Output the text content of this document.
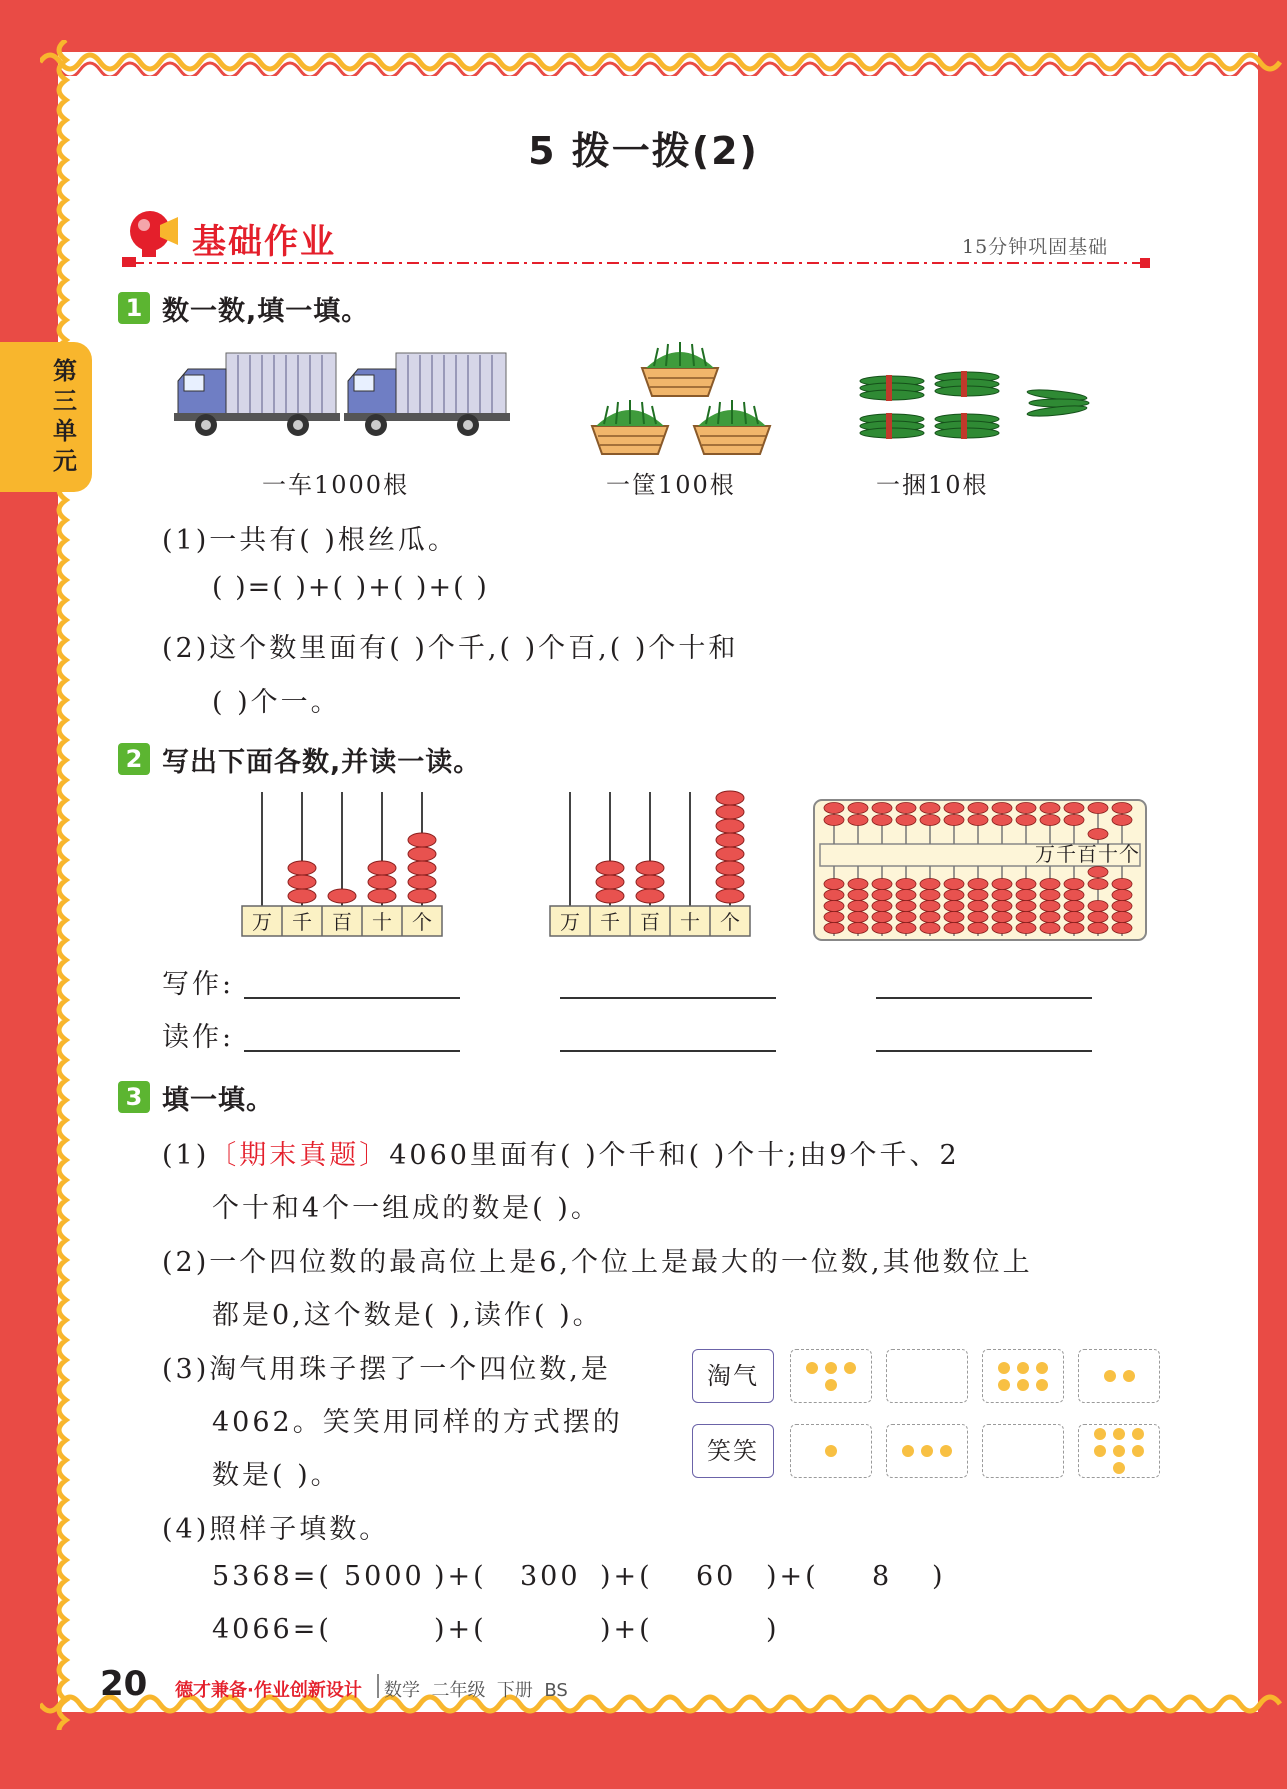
第三单元
5 拨一拨(2)
基础作业	15分钟巩固基础
1 数一数,填一填。
一车1000根	一筐100根	一捆10根
(1)一共有( )根丝瓜。
( )=( )+( )+( )+( )
(2)这个数里面有( )个千,( )个百,( )个十和
( )个一。
2 写出下面各数,并读一读。
万 千 百 十 个	万 千 百 十 个
万千百十个
写作:
读作:
3 填一填。
(1)〔期末真题〕4060里面有( )个千和( )个十;由9个千、2
个十和4个一组成的数是( )。
(2)一个四位数的最高位上是6,个位上是最大的一位数,其他数位上
都是0,这个数是( ),读作( )。
(3)淘气用珠子摆了一个四位数,是
4062。笑笑用同样的方式摆的
数是( )。
淘气
笑笑
(4)照样子填数。
5368=( 5000 )+( 300 )+( 60 )+( 8 )
4066=(	)+(	)+(	)
20 德才兼备·作业创新设计 数学  二年级  下册  BS
